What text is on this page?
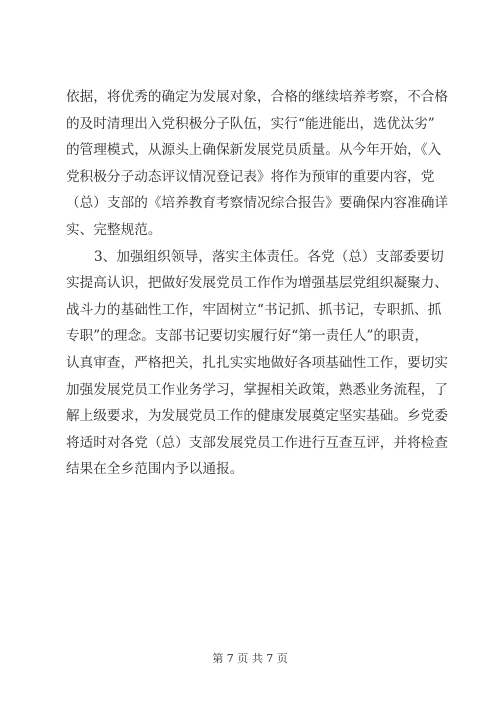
依据，将优秀的确定为发展对象，合格的继续培养考察，不合格
的及时清理出入党积极分子队伍，实行“能进能出，选优汰劣”
的管理模式，从源头上确保新发展党员质量。从今年开始，《入
党积极分子动态评议情况登记表》将作为预审的重要内容，党
（总）支部的《培养教育考察情况综合报告》要确保内容准确详
实、完整规范。
3、加强组织领导，落实主体责任。各党（总）支部委要切
实提高认识，把做好发展党员工作作为增强基层党组织凝聚力、
战斗力的基础性工作，牢固树立“书记抓、抓书记，专职抓、抓
专职”的理念。支部书记要切实履行好“第一责任人”的职责，
认真审查，严格把关，扎扎实实地做好各项基础性工作，要切实
加强发展党员工作业务学习，掌握相关政策，熟悉业务流程，了
解上级要求，为发展党员工作的健康发展奠定坚实基础。乡党委
将适时对各党（总）支部发展党员工作进行互查互评，并将检查
结果在全乡范围内予以通报。
第 7 页 共 7 页
